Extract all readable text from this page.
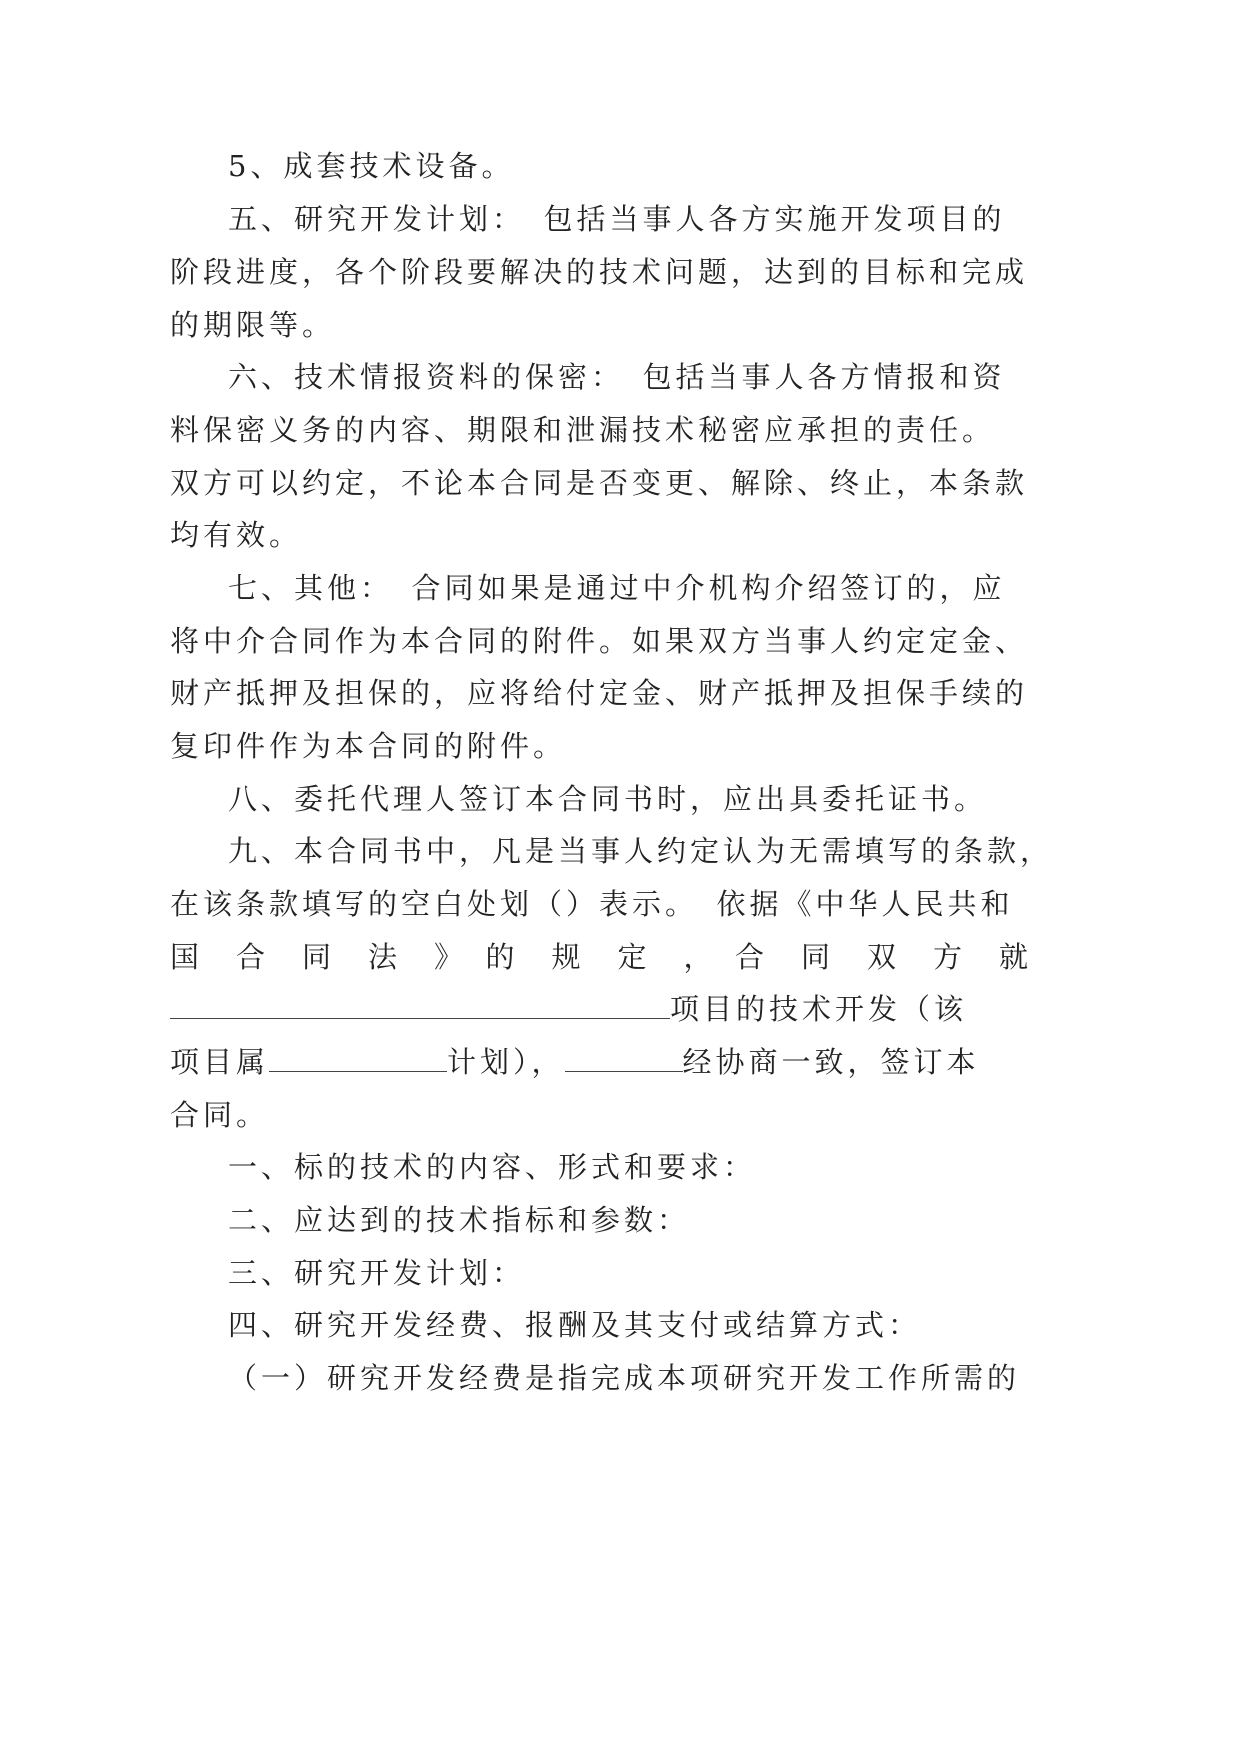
5、成套技术设备。
五、研究开发计划：　包括当事人各方实施开发项目的
阶段进度，各个阶段要解决的技术问题，达到的目标和完成
的期限等。
六、技术情报资料的保密：　包括当事人各方情报和资
料保密义务的内容、期限和泄漏技术秘密应承担的责任。
双方可以约定，不论本合同是否变更、解除、终止，本条款
均有效。
七、其他：　合同如果是通过中介机构介绍签订的，应
将中介合同作为本合同的附件。如果双方当事人约定定金、
财产抵押及担保的，应将给付定金、财产抵押及担保手续的
复印件作为本合同的附件。
八、委托代理人签订本合同书时，应出具委托证书。
九、本合同书中，凡是当事人约定认为无需填写的条款，
在该条款填写的空白处划（）表示。　依据《中华人民共和
国　合　同　法　》　的　规　定　，　合　同　双　方　就
项目的技术开发（该
项目属	计划），	经协商一致，签订本
合同。
一、标的技术的内容、形式和要求：
二、应达到的技术指标和参数：
三、研究开发计划：
四、研究开发经费、报酬及其支付或结算方式：
（一）研究开发经费是指完成本项研究开发工作所需的
